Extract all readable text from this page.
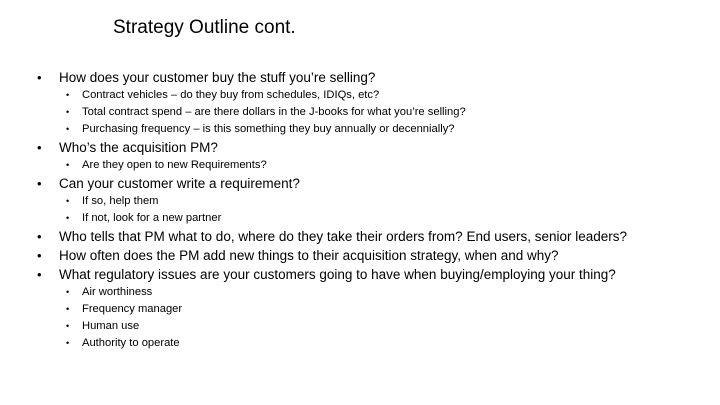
Strategy Outline cont.
• How does your customer buy the stuff you’re selling?
• Contract vehicles – do they buy from schedules, IDIQs, etc?
• Total contract spend – are there dollars in the J-books for what you’re selling?
• Purchasing frequency – is this something they buy annually or decennially?
• Who’s the acquisition PM?
• Are they open to new Requirements?
• Can your customer write a requirement?
• If so, help them
• If not, look for a new partner
• Who tells that PM what to do, where do they take their orders from? End users, senior leaders?
• How often does the PM add new things to their acquisition strategy, when and why?
• What regulatory issues are your customers going to have when buying/employing your thing?
• Air worthiness
• Frequency manager
• Human use
• Authority to operate
